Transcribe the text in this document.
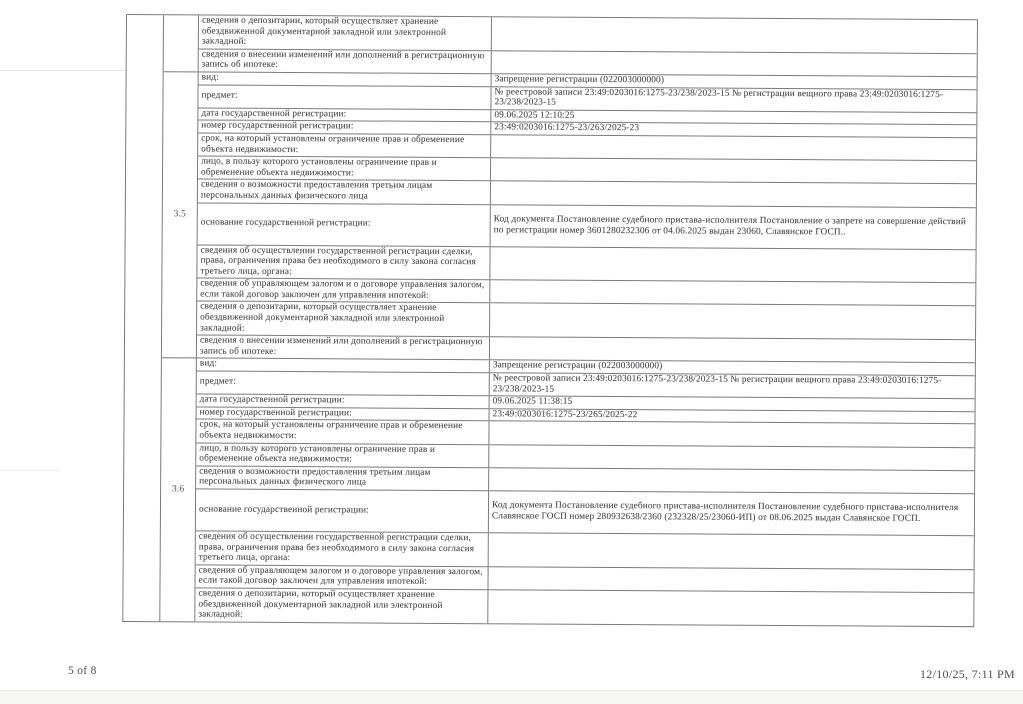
сведения о депозитарии, который осуществляет хранение обездвиженной документарной закладной или электронной закладной:
сведения о внесении изменений или дополнений в регистрационную запись об ипотеке:
3.5
вид:	Запрещение регистрации (022003000000)
предмет:	№ реестровой записи 23:49:0203016:1275-23/238/2023-15 № регистрации вещного права 23:49:0203016:1275-23/238/2023-15
дата государственной регистрации:	09.06.2025 12:10:25
номер государственной регистрации:	23:49:0203016:1275-23/263/2025-23
срок, на который установлены ограничение прав и обременение объекта недвижимости:
лицо, в пользу которого установлены ограничение прав и обременение объекта недвижимости:
сведения о возможности предоставления третьим лицам персональных данных физического лица
основание государственной регистрации:	Код документа Постановление судебного пристава-исполнителя Постановление о запрете на совершение действий по регистрации номер 3601280232306 от 04.06.2025 выдан 23060, Славянское ГОСП..
сведения об осуществлении государственной регистрации сделки, права, ограничения права без необходимого в силу закона согласия третьего лица, органа:
сведения об управляющем залогом и о договоре управления залогом, если такой договор заключен для управления ипотекой:
сведения о депозитарии, который осуществляет хранение обездвиженной документарной закладной или электронной закладной:
сведения о внесении изменений или дополнений в регистрационную запись об ипотеке:
3.6
вид:	Запрещение регистрации (022003000000)
предмет:	№ реестровой записи 23:49:0203016:1275-23/238/2023-15 № регистрации вещного права 23:49:0203016:1275-23/238/2023-15
дата государственной регистрации:	09.06.2025 11:38:15
номер государственной регистрации:	23:49:0203016:1275-23/265/2025-22
срок, на который установлены ограничение прав и обременение объекта недвижимости:
лицо, в пользу которого установлены ограничение прав и обременение объекта недвижимости:
сведения о возможности предоставления третьим лицам персональных данных физического лица
основание государственной регистрации:	Код документа Постановление судебного пристава-исполнителя Постановление судебного пристава-исполнителя Славянское ГОСП номер 280932638/2360 (232328/25/23060-ИП) от 08.06.2025 выдан Славянское ГОСП.
сведения об осуществлении государственной регистрации сделки, права, ограничения права без необходимого в силу закона согласия третьего лица, органа:
сведения об управляющем залогом и о договоре управления залогом, если такой договор заключен для управления ипотекой:
сведения о депозитарии, который осуществляет хранение обездвиженной документарной закладной или электронной закладной:
5 of 8	12/10/25, 7:11 PM
